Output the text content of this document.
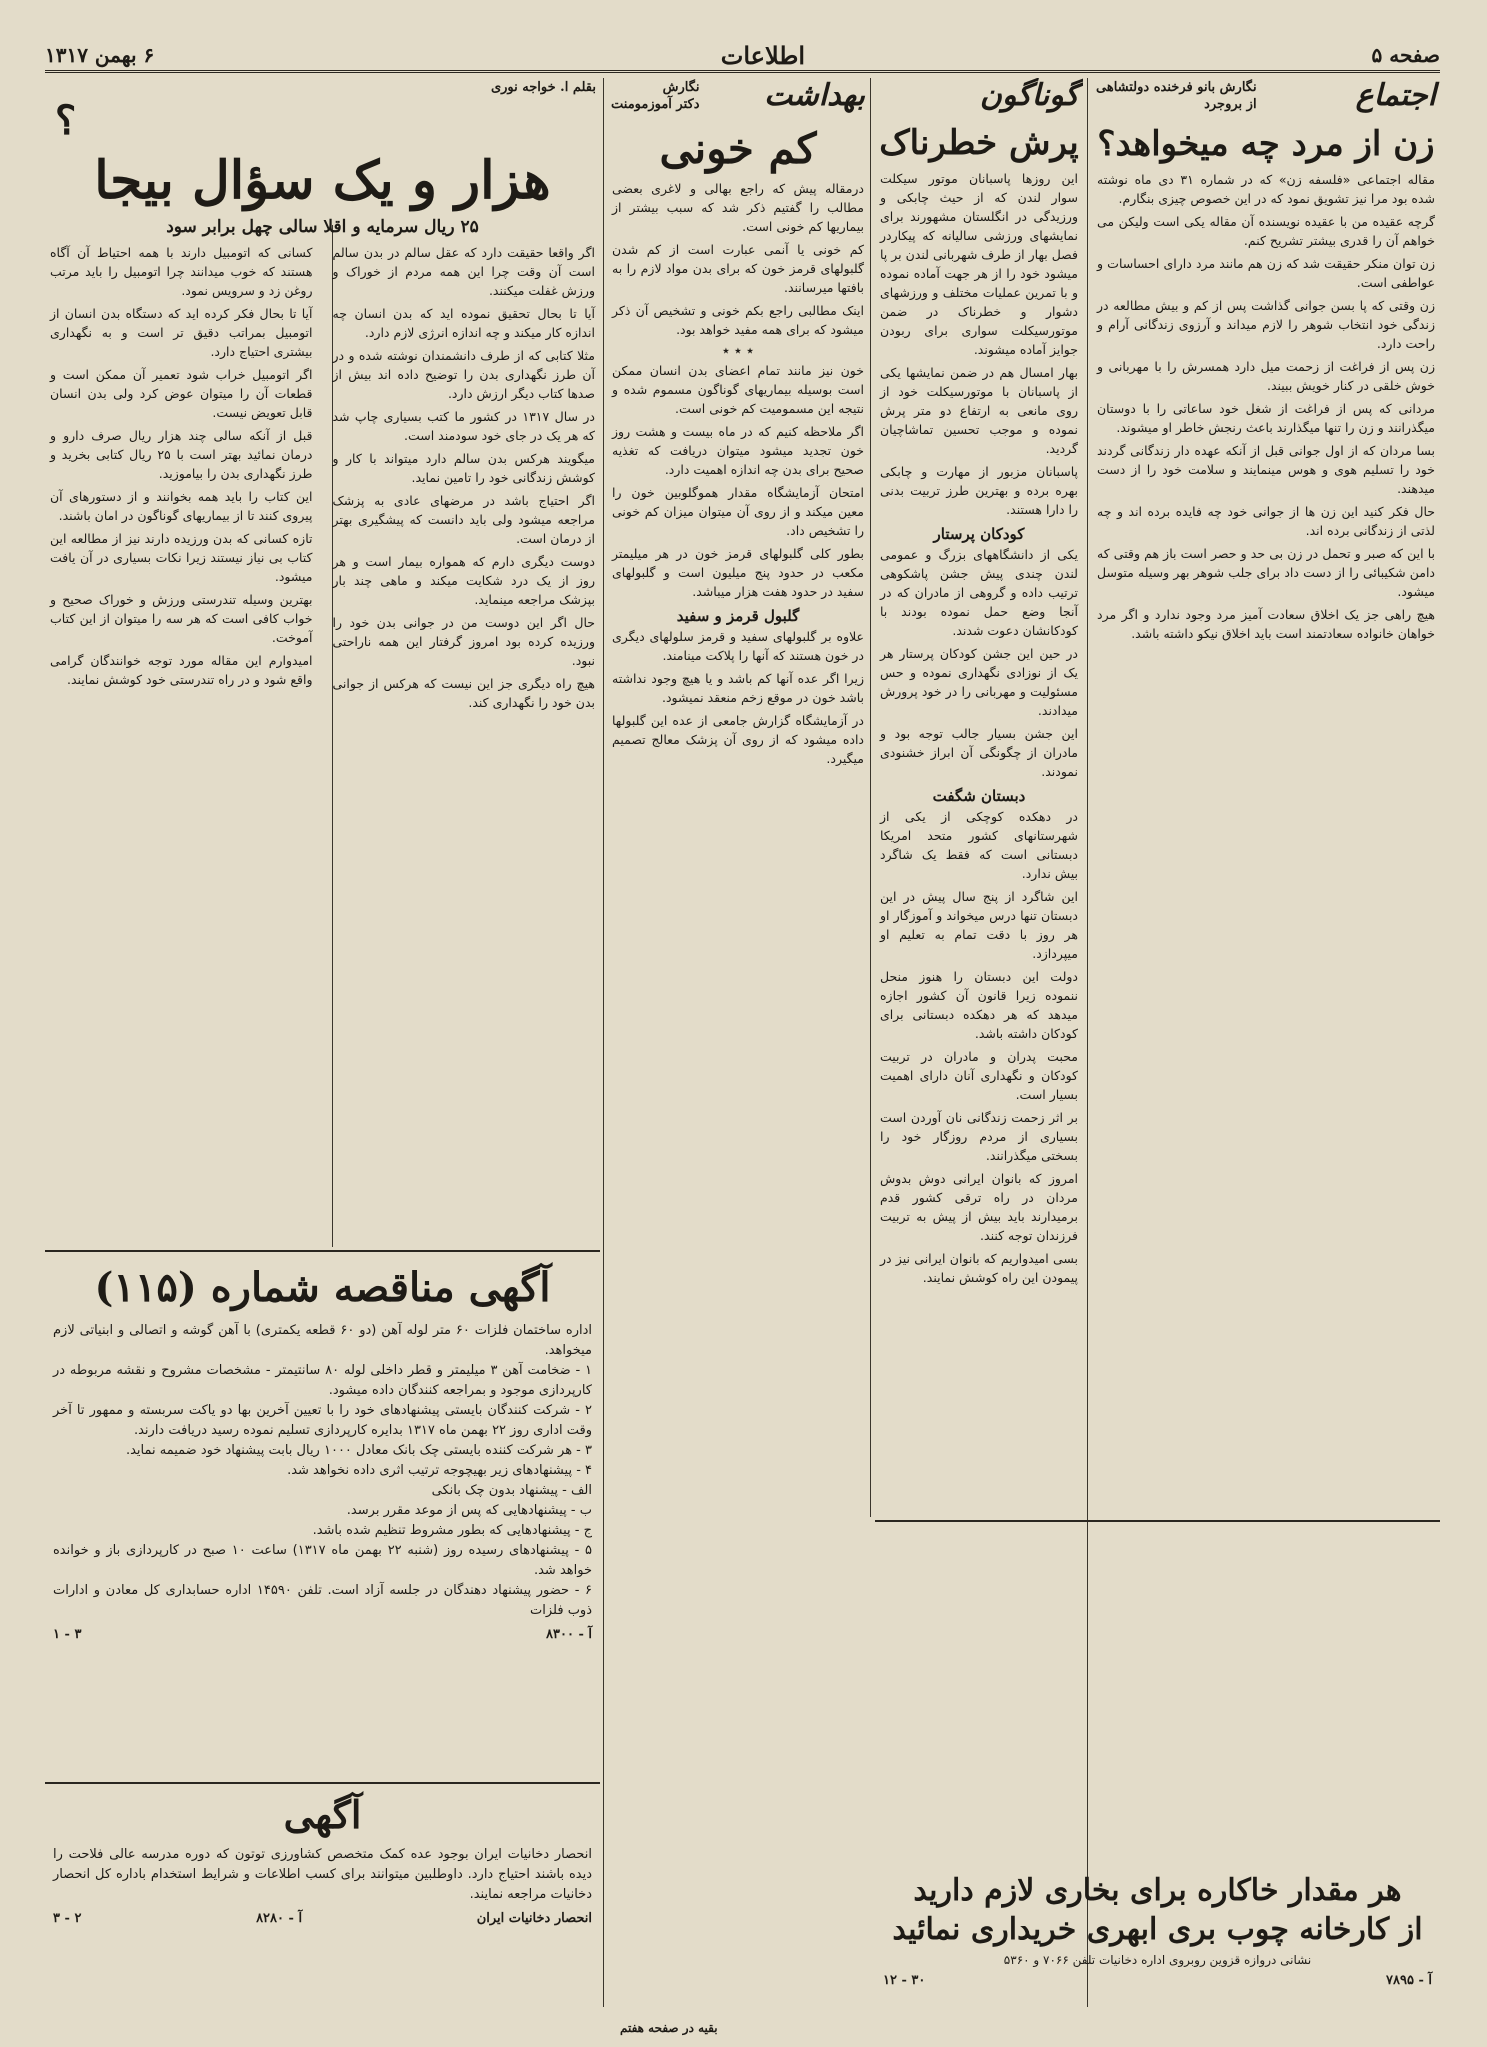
صفحه ۵
اطلاعات
۶ بهمن ۱۳۱۷
اجتماع
نگارش بانو فرخنده دولتشاهی
از بروجرد
زن از مرد چه میخواهد؟

مقاله اجتماعی «فلسفه زن» که در شماره ۳۱ دی ماه نوشته شده بود مرا نیز تشویق نمود که در این خصوص چیزی بنگارم.

گرچه عقیده من با عقیده نویسنده آن مقاله یکی است ولیکن می خواهم آن را قدری بیشتر تشریح کنم.

زن توان منکر حقیقت شد که زن هم مانند مرد دارای احساسات و عواطفی است.

زن وقتی که پا بسن جوانی گذاشت پس از کم و بیش مطالعه در زندگی خود انتخاب شوهر را لازم میداند و آرزوی زندگانی آرام و راحت دارد.

زن پس از فراغت از زحمت میل دارد همسرش را با مهربانی و خوش خلقی در کنار خویش ببیند.

مردانی که پس از فراغت از شغل خود ساعاتی را با دوستان میگذرانند و زن را تنها میگذارند باعث رنجش خاطر او میشوند.

بسا مردان که از اول جوانی قبل از آنکه عهده دار زندگانی گردند خود را تسلیم هوی و هوس مینمایند و سلامت خود را از دست میدهند.

حال فکر کنید این زن ها از جوانی خود چه فایده برده اند و چه لذتی از زندگانی برده اند.

با این که صبر و تحمل در زن بی حد و حصر است باز هم وقتی که دامن شکیبائی را از دست داد برای جلب شوهر بهر وسیله متوسل میشود.

هیچ راهی جز یک اخلاق سعادت آمیز مرد وجود ندارد و اگر مرد خواهان خانواده سعادتمند است باید اخلاق نیکو داشته باشد.

گوناگون
پرش خطرناک

این روزها پاسبانان موتور سیکلت سوار لندن که از حیث چابکی و ورزیدگی در انگلستان مشهورند برای نمایشهای ورزشی سالیانه که پیکاردر فصل بهار از طرف شهربانی لندن بر پا میشود خود را از هر جهت آماده نموده و با تمرین عملیات مختلف و ورزشهای دشوار و خطرناک در ضمن موتورسیکلت سواری برای ربودن جوایز آماده میشوند.

بهار امسال هم در ضمن نمایشها یکی از پاسبانان با موتورسیکلت خود از روی مانعی به ارتفاع دو متر پرش نموده و موجب تحسین تماشاچیان گردید.

پاسبانان مزبور از مهارت و چابکی بهره برده و بهترین طرز تربیت بدنی را دارا هستند.

کودکان پرستار

یکی از دانشگاههای بزرگ و عمومی لندن چندی پیش جشن پاشکوهی ترتیب داده و گروهی از مادران که در آنجا وضع حمل نموده بودند با کودکانشان دعوت شدند.

در حین این جشن کودکان پرستار هر یک از نوزادی نگهداری نموده و حس مسئولیت و مهربانی را در خود پرورش میدادند.

این جشن بسیار جالب توجه بود و مادران از چگونگی آن ابراز خشنودی نمودند.

دبستان شگفت

در دهکده کوچکی از یکی از شهرستانهای کشور متحد امریکا دبستانی است که فقط یک شاگرد بیش ندارد.

این شاگرد از پنج سال پیش در این دبستان تنها درس میخواند و آموزگار او هر روز با دقت تمام به تعلیم او میپردازد.

دولت این دبستان را هنوز منحل ننموده زیرا قانون آن کشور اجازه میدهد که هر دهکده دبستانی برای کودکان داشته باشد.

محبت پدران و مادران در تربیت کودکان و نگهداری آنان دارای اهمیت بسیار است.

بر اثر زحمت زندگانی نان آوردن است بسیاری از مردم روزگار خود را بسختی میگذرانند.

امروز که بانوان ایرانی دوش بدوش مردان در راه ترقی کشور قدم برمیدارند باید بیش از پیش به تربیت فرزندان توجه کنند.

بسی امیدواریم که بانوان ایرانی نیز در پیمودن این راه کوشش نمایند.

بهداشت
نگارش
دکتر آموزمومنت
کم خونی

درمقاله پیش که راجع بهالی و لاغری بعضی مطالب را گفتیم ذکر شد که سبب بیشتر از بیماریها کم خونی است.

کم خونی یا آنمی عبارت است از کم شدن گلبولهای قرمز خون که برای بدن مواد لازم را به بافتها میرسانند.

اینک مطالبی راجع بکم خونی و تشخیص آن ذکر میشود که برای همه مفید خواهد بود.

٭ ٭ ٭

خون نیز مانند تمام اعضای بدن انسان ممکن است بوسیله بیماریهای گوناگون مسموم شده و نتیجه این مسمومیت کم خونی است.

اگر ملاحظه کنیم که در ماه بیست و هشت روز خون تجدید میشود میتوان دریافت که تغذیه صحیح برای بدن چه اندازه اهمیت دارد.

امتحان آزمایشگاه مقدار هموگلوبین خون را معین میکند و از روی آن میتوان میزان کم خونی را تشخیص داد.

بطور کلی گلبولهای قرمز خون در هر میلیمتر مکعب در حدود پنج میلیون است و گلبولهای سفید در حدود هفت هزار میباشد.

گلبول قرمز و سفید

علاوه بر گلبولهای سفید و قرمز سلولهای دیگری در خون هستند که آنها را پلاکت مینامند.

زیرا اگر عده آنها کم باشد و یا هیچ وجود نداشته باشد خون در موقع زخم منعقد نمیشود.

در آزمایشگاه گزارش جامعی از عده این گلبولها داده میشود که از روی آن پزشک معالج تصمیم میگیرد.

بقیه در صفحه هفتم
بقلم ا. خواجه نوری
؟
هزار و یک سؤال بیجا
۲۵ ریال سرمایه و اقلا سالی چهل برابر سود

اگر واقعا حقیقت دارد که عقل سالم در بدن سالم است آن وقت چرا این همه مردم از خوراک و ورزش غفلت میکنند.

آیا تا بحال تحقیق نموده اید که بدن انسان چه اندازه کار میکند و چه اندازه انرژی لازم دارد.

مثلا کتابی که از طرف دانشمندان نوشته شده و در آن طرز نگهداری بدن را توضیح داده اند بیش از صدها کتاب دیگر ارزش دارد.

در سال ۱۳۱۷ در کشور ما کتب بسیاری چاپ شد که هر یک در جای خود سودمند است.

میگویند هرکس بدن سالم دارد میتواند با کار و کوشش زندگانی خود را تامین نماید.

اگر احتیاج باشد در مرضهای عادی به پزشک مراجعه میشود ولی باید دانست که پیشگیری بهتر از درمان است.

دوست دیگری دارم که همواره بیمار است و هر روز از یک درد شکایت میکند و ماهی چند بار بپزشک مراجعه مینماید.

حال اگر این دوست من در جوانی بدن خود را ورزیده کرده بود امروز گرفتار این همه ناراحتی نبود.

هیچ راه دیگری جز این نیست که هرکس از جوانی بدن خود را نگهداری کند.

کسانی که اتومبیل دارند با همه احتیاط آن آگاه هستند که خوب میدانند چرا اتومبیل را باید مرتب روغن زد و سرویس نمود.

آیا تا بحال فکر کرده اید که دستگاه بدن انسان از اتومبیل بمراتب دقیق تر است و به نگهداری بیشتری احتیاج دارد.

اگر اتومبیل خراب شود تعمیر آن ممکن است و قطعات آن را میتوان عوض کرد ولی بدن انسان قابل تعویض نیست.

قبل از آنکه سالی چند هزار ریال صرف دارو و درمان نمائید بهتر است با ۲۵ ریال کتابی بخرید و طرز نگهداری بدن را بیاموزید.

این کتاب را باید همه بخوانند و از دستورهای آن پیروی کنند تا از بیماریهای گوناگون در امان باشند.

تازه کسانی که بدن ورزیده دارند نیز از مطالعه این کتاب بی نیاز نیستند زیرا نکات بسیاری در آن یافت میشود.

بهترین وسیله تندرستی ورزش و خوراک صحیح و خواب کافی است که هر سه را میتوان از این کتاب آموخت.

امیدوارم این مقاله مورد توجه خوانندگان گرامی واقع شود و در راه تندرستی خود کوشش نمایند.

آگهی مناقصه شماره (۱۱۵)

اداره ساختمان فلزات ۶۰ متر لوله آهن (دو ۶۰ قطعه یکمتری) با آهن گوشه و اتصالی و ابنیاتی لازم میخواهد.

۱ - ضخامت آهن ۳ میلیمتر و قطر داخلی لوله ۸۰ سانتیمتر - مشخصات مشروح و نقشه مربوطه در کارپردازی موجود و بمراجعه کنندگان داده میشود.

۲ - شرکت کنندگان بایستی پیشنهادهای خود را با تعیین آخرین بها دو یاکت سربسته و ممهور تا آخر وقت اداری روز ۲۲ بهمن ماه ۱۳۱۷ بدایره کارپردازی تسلیم نموده رسید دریافت دارند.

۳ - هر شرکت کننده بایستی چک بانک معادل ۱۰۰۰ ریال بابت پیشنهاد خود ضمیمه نماید.

۴ - پیشنهادهای زیر بهیچوجه ترتیب اثری داده نخواهد شد.

الف - پیشنهاد بدون چک بانکی

ب - پیشنهادهایی که پس از موعد مقرر برسد.

ج - پیشنهادهایی که بطور مشروط تنظیم شده باشد.

۵ - پیشنهادهای رسیده روز (شنبه ۲۲ بهمن ماه ۱۳۱۷) ساعت ۱۰ صبح در کارپردازی باز و خوانده خواهد شد.

۶ - حضور پیشنهاد دهندگان در جلسه آزاد است. تلفن ۱۴۵۹۰ اداره حسابداری کل معادن و ادارات ذوب فلزات

آ - ۸۳۰۰
۳ - ۱
آگهی

انحصار دخانیات ایران بوجود عده کمک متخصص کشاورزی توتون که دوره مدرسه عالی فلاحت را دیده باشند احتیاج دارد. داوطلبین میتوانند برای کسب اطلاعات و شرایط استخدام باداره کل انحصار دخانیات مراجعه نمایند.

انحصار دخانیات ایران
آ - ۸۲۸۰
۲ - ۳
هر مقدار خاکاره برای بخاری لازم دارید
از کارخانه چوب بری ابهری خریداری نمائید
نشانی دروازه قزوین روبروی اداره دخانیات تلفن ۷۰۶۶ و ۵۳۶۰
آ - ۷۸۹۵
۳۰ - ۱۲
